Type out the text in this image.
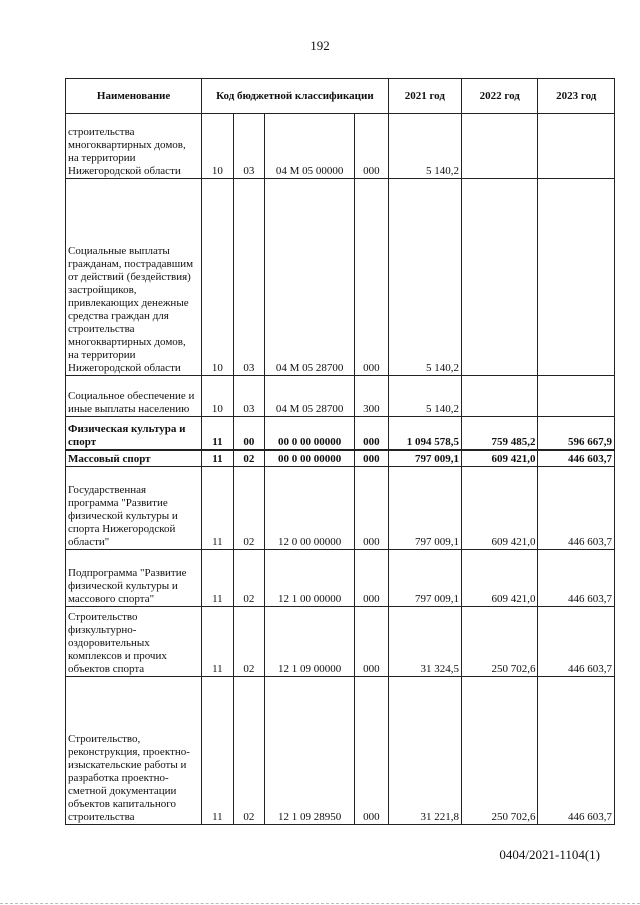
192
Наименование	Код бюджетной классификации				2021 год	2022 год	2023 год
строительства многоквартирных домов, на территории Нижегородской области	10	03	04 М 05 00000	000	5 140,2		
Социальные выплаты гражданам, пострадавшим от действий (бездействия) застройщиков, привлекающих денежные средства граждан для строительства многоквартирных домов, на территории Нижегородской области	10	03	04 М 05 28700	000	5 140,2		
Социальное обеспечение и иные выплаты населению	10	03	04 М 05 28700	300	5 140,2		
Физическая культура и спорт	11	00	00 0 00 00000	000	1 094 578,5	759 485,2	596 667,9
Массовый спорт	11	02	00 0 00 00000	000	797 009,1	609 421,0	446 603,7
Государственная программа "Развитие физической культуры и спорта Нижегородской области"	11	02	12 0 00 00000	000	797 009,1	609 421,0	446 603,7
Подпрограмма "Развитие физической культуры и массового спорта"	11	02	12 1 00 00000	000	797 009,1	609 421,0	446 603,7
Строительство физкультурно-оздоровительных комплексов и прочих объектов спорта	11	02	12 1 09 00000	000	31 324,5	250 702,6	446 603,7
Строительство, реконструкция, проектно-изыскательские работы и разработка проектно-сметной документации объектов капитального строительства	11	02	12 1 09 28950	000	31 221,8	250 702,6	446 603,7
0404/2021-1104(1)
